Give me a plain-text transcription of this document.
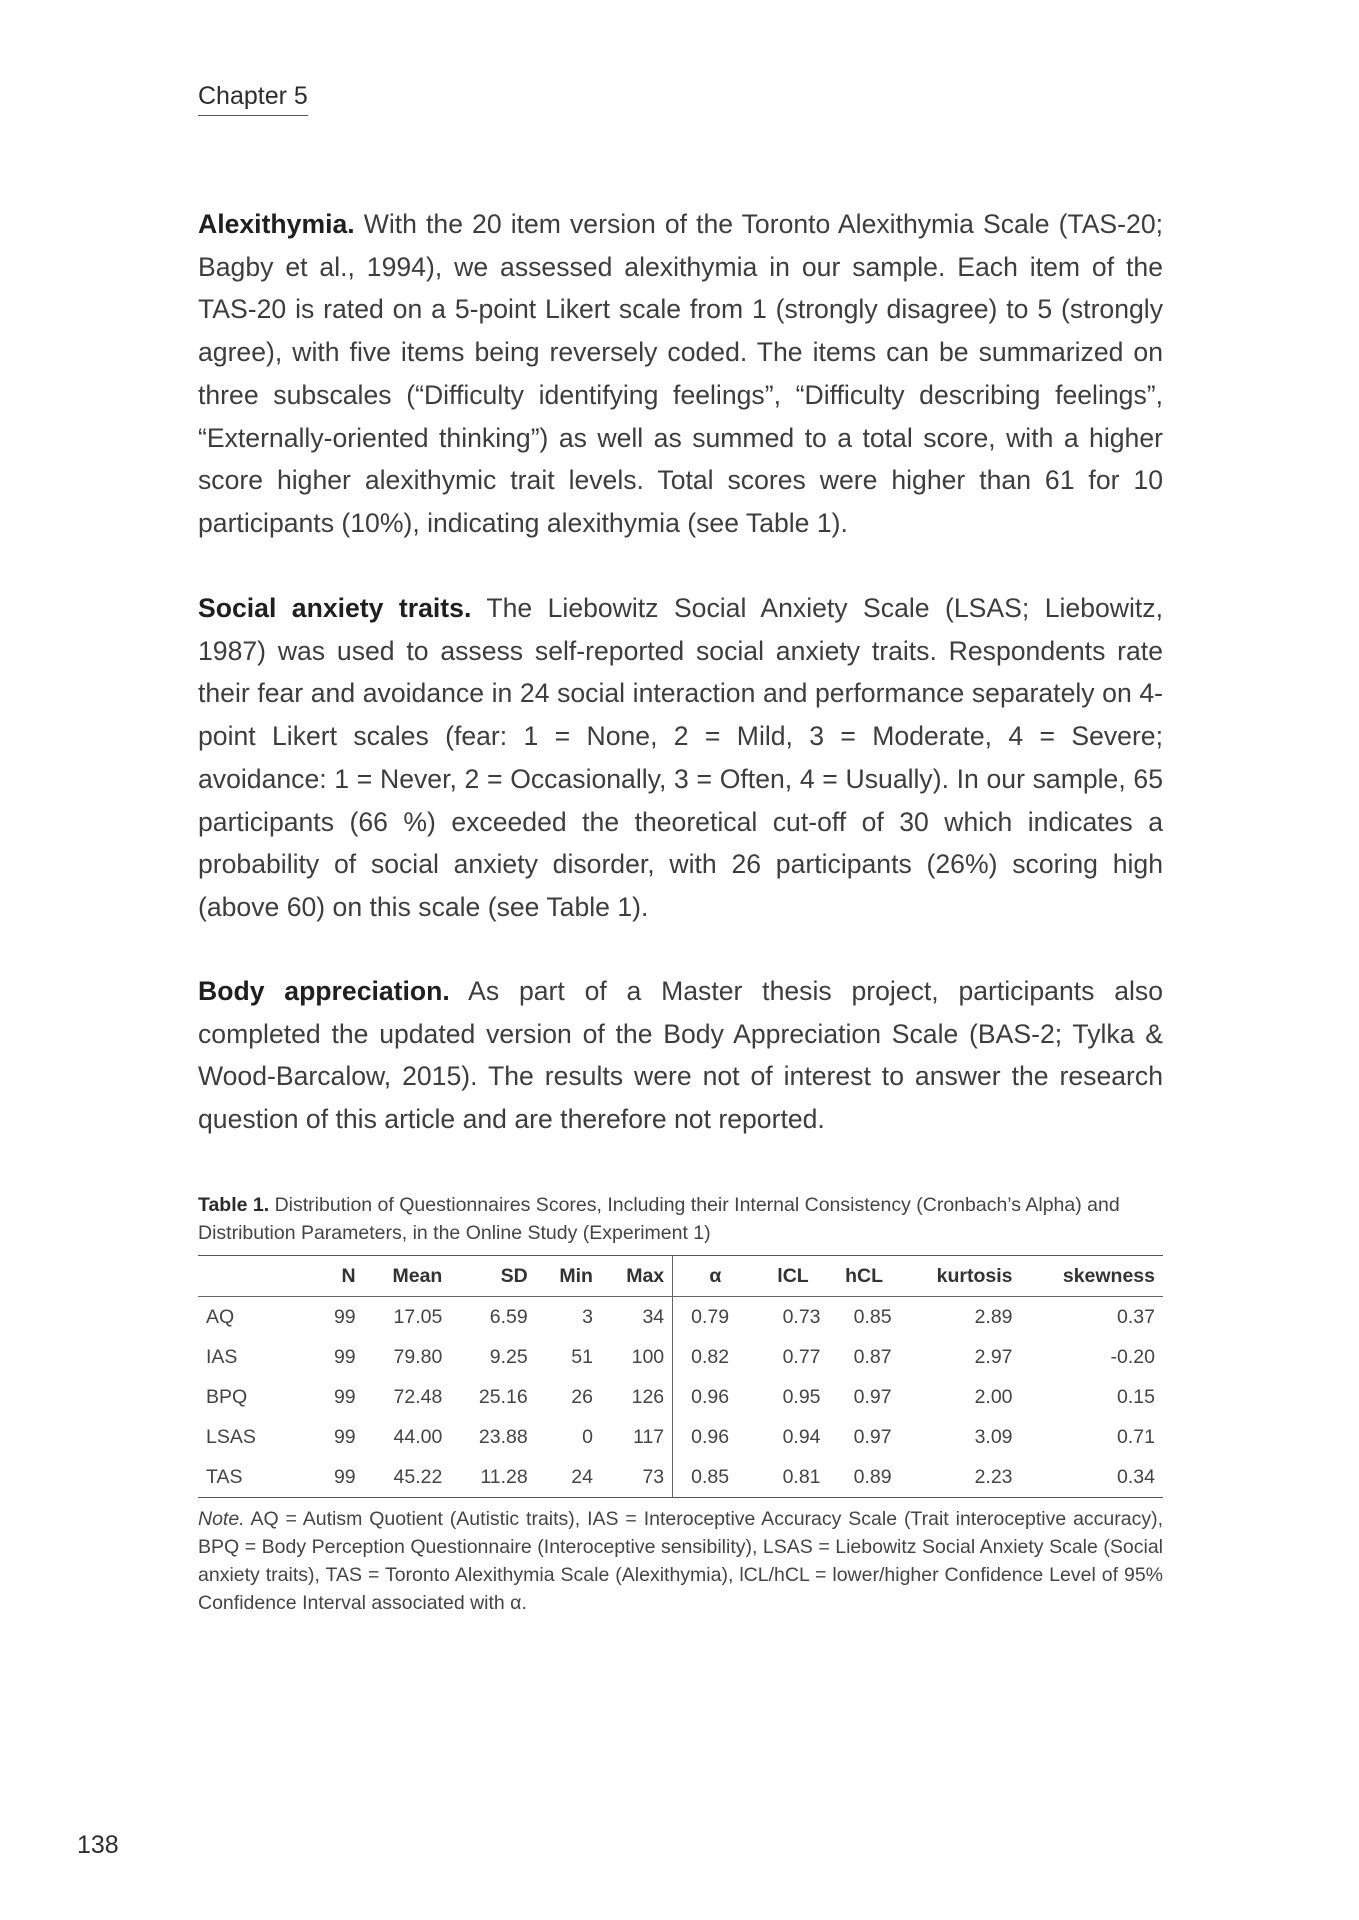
Chapter 5
Alexithymia. With the 20 item version of the Toronto Alexithymia Scale (TAS-20; Bagby et al., 1994), we assessed alexithymia in our sample. Each item of the TAS-20 is rated on a 5-point Likert scale from 1 (strongly disagree) to 5 (strongly agree), with five items being reversely coded. The items can be summarized on three subscales (“Difficulty identifying feelings”, “Difficulty describing feelings”, “Externally-oriented thinking”) as well as summed to a total score, with a higher score higher alexithymic trait levels. Total scores were higher than 61 for 10 participants (10%), indicating alexithymia (see Table 1).
Social anxiety traits. The Liebowitz Social Anxiety Scale (LSAS; Liebowitz, 1987) was used to assess self-reported social anxiety traits. Respondents rate their fear and avoidance in 24 social interaction and performance separately on 4-point Likert scales (fear: 1 = None, 2 = Mild, 3 = Moderate, 4 = Severe; avoidance: 1 = Never, 2 = Occasionally, 3 = Often, 4 = Usually). In our sample, 65 participants (66 %) exceeded the theoretical cut-off of 30 which indicates a probability of social anxiety disorder, with 26 participants (26%) scoring high (above 60) on this scale (see Table 1).
Body appreciation. As part of a Master thesis project, participants also completed the updated version of the Body Appreciation Scale (BAS-2; Tylka & Wood-Barcalow, 2015). The results were not of interest to answer the research question of this article and are therefore not reported.
Table 1. Distribution of Questionnaires Scores, Including their Internal Consistency (Cronbach’s Alpha) and Distribution Parameters, in the Online Study (Experiment 1)
	N	Mean	SD	Min	Max	α	lCL	hCL	kurtosis	skewness
AQ	99	17.05	6.59	3	34	0.79	0.73	0.85	2.89	0.37
IAS	99	79.80	9.25	51	100	0.82	0.77	0.87	2.97	-0.20
BPQ	99	72.48	25.16	26	126	0.96	0.95	0.97	2.00	0.15
LSAS	99	44.00	23.88	0	117	0.96	0.94	0.97	3.09	0.71
TAS	99	45.22	11.28	24	73	0.85	0.81	0.89	2.23	0.34
Note. AQ = Autism Quotient (Autistic traits), IAS = Interoceptive Accuracy Scale (Trait interoceptive accuracy), BPQ = Body Perception Questionnaire (Interoceptive sensibility), LSAS = Liebowitz Social Anxiety Scale (Social anxiety traits), TAS = Toronto Alexithymia Scale (Alexithymia), lCL/hCL = lower/higher Confidence Level of 95% Confidence Interval associated with α.
138
